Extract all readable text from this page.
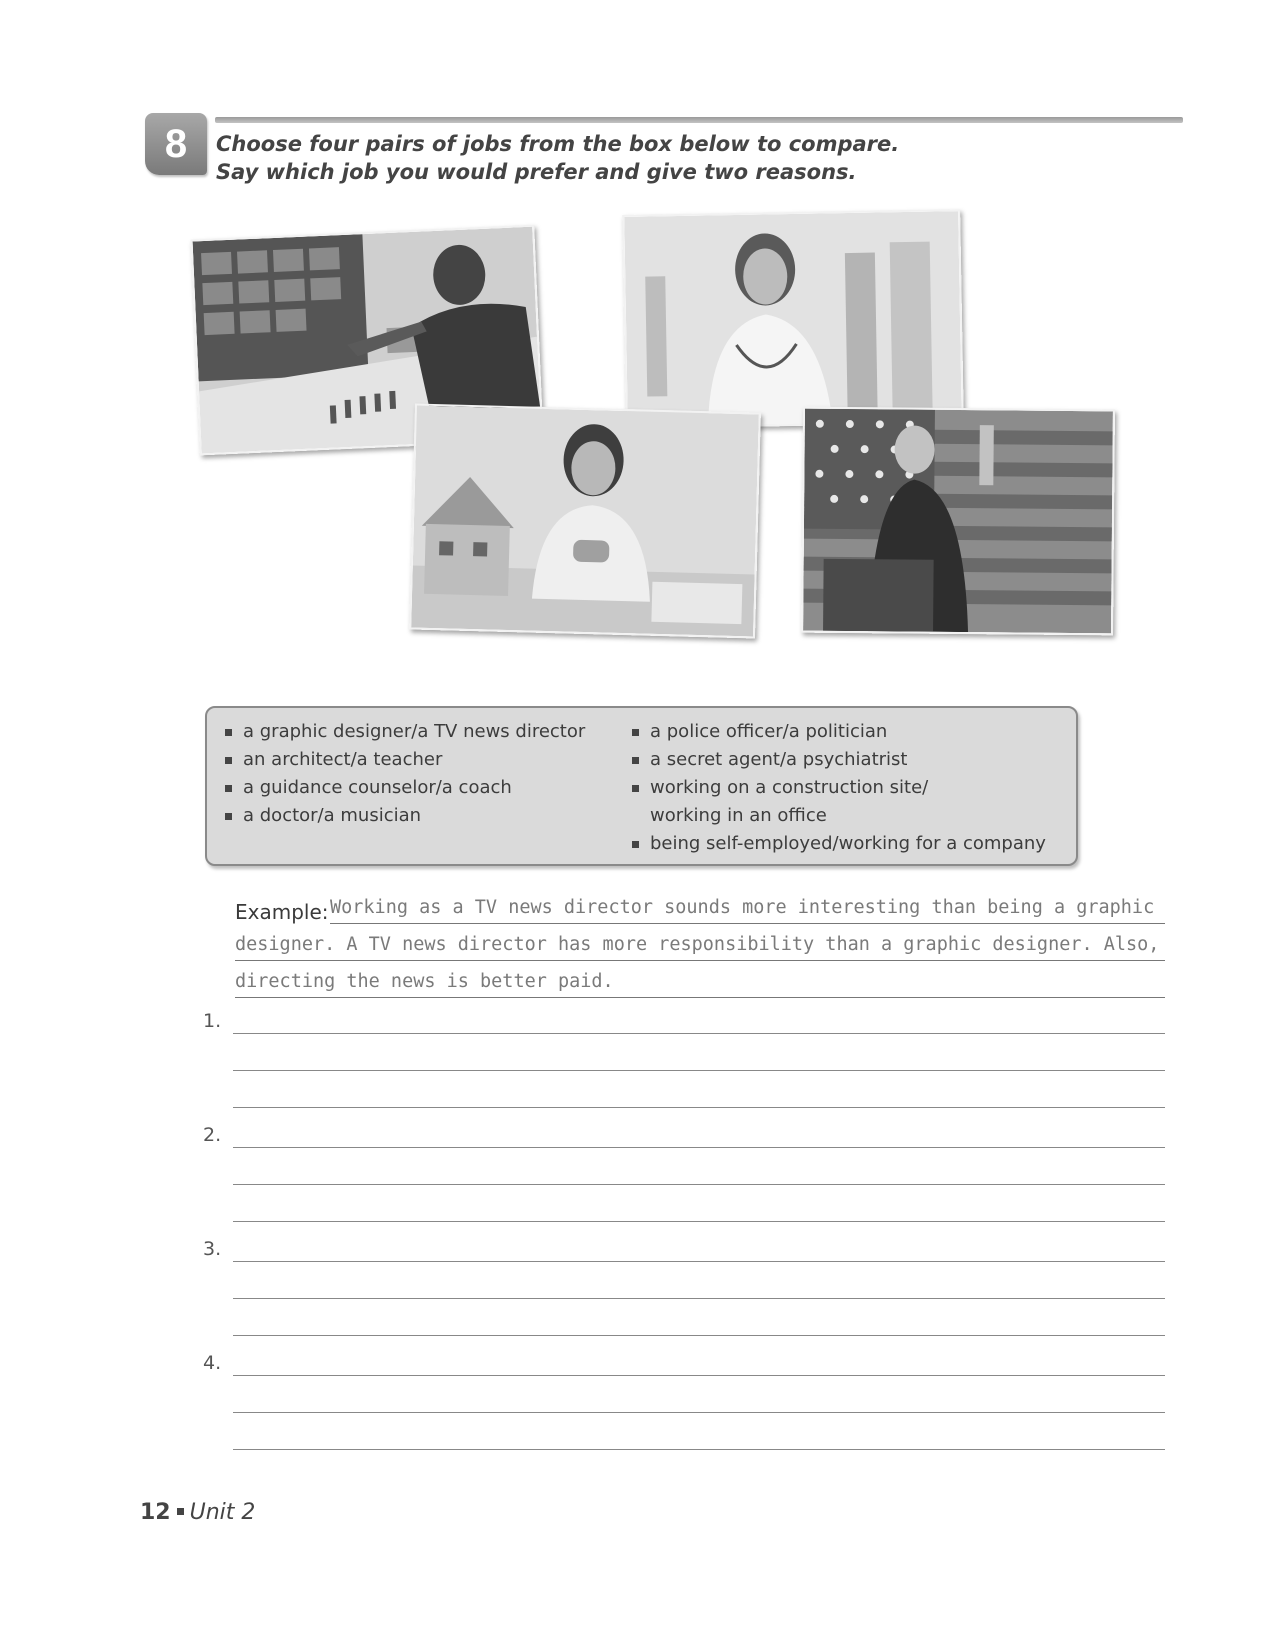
8	Choose four pairs of jobs from the box below to compare.
Say which job you would prefer and give two reasons.
a graphic designer/a TV news director
an architect/a teacher
a guidance counselor/a coach
a doctor/a musician
a police officer/a politician
a secret agent/a psychiatrist
working on a construction site/
working in an office
being self-employed/working for a company
Example: Working as a TV news director sounds more interesting than being a graphic
designer. A TV news director has more responsibility than a graphic designer. Also,
directing the news is better paid.
1.
2.
3.
4.
12 Unit 2
